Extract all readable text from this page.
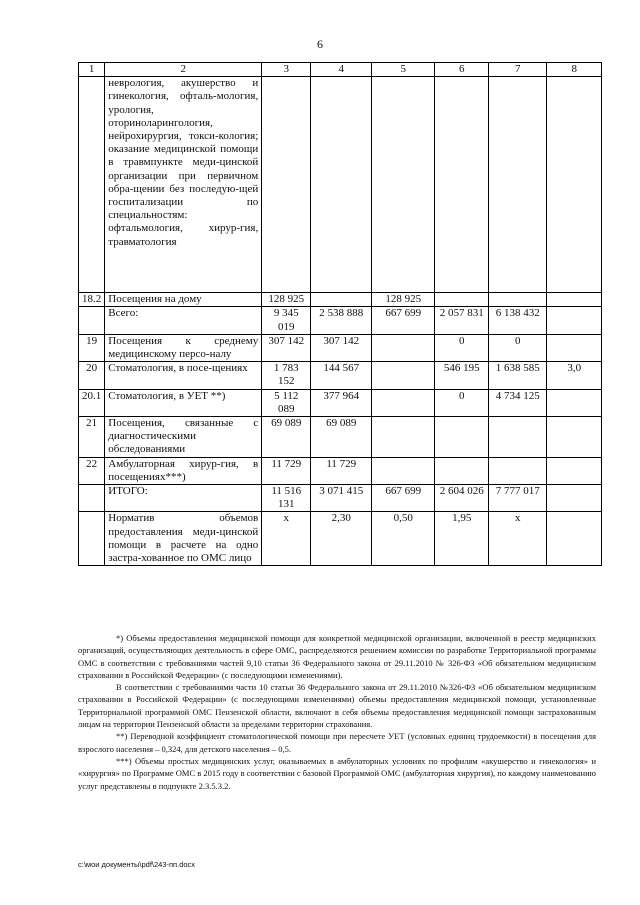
6
1	2	3	4	5	6	7	8
	неврология, акушерство и гинекология, офталь-мология, урология, оториноларингология, нейрохирургия, токси-кология; оказание медицинской помощи в травмпункте меди-цинской организации при первичном обра-щении без последую-щей госпитализации по специальностям: офтальмология, хирур-гия, травматология						
18.2	Посещения на дому	128 925		128 925			
	Всего:	9 345 019	2 538 888	667 699	2 057 831	6 138 432	
19	Посещения к среднему медицинскому персо-налу	307 142	307 142		0	0	
20	Стоматология, в посе-щениях	1 783 152	144 567		546 195	1 638 585	3,0
20.1	Стоматология, в УЕТ **)	5 112 089	377 964		0	4 734 125	
21	Посещения, связанные с диагностическими обследованиями	69 089	69 089				
22	Амбулаторная хирур-гия, в посещениях***)	11 729	11 729				
	ИТОГО:	11 516 131	3 071 415	667 699	2 604 026	7 777 017	
	Норматив объемов предоставления меди-цинской помощи в расчете на одно застра-хованное по ОМС лицо	x	2,30	0,50	1,95	x	

*) Объемы предоставления медицинской помощи для конкретной медицинской организации, включенной в реестр медицинских организаций, осуществляющих деятельность в сфере ОМС, распределяются решением комиссии по разработке Территориальной программы ОМС в соответствии с требованиями частей 9,10 статьи 36 Федерального закона от 29.11.2010 № 326-ФЗ «Об обязательном медицинском страховании в Российской Федерации» (с последующими изменениями).

В соответствии с требованиями части 10 статьи 36 Федерального закона от 29.11.2010 №326-ФЗ «Об обязательном медицинском страховании в Российской Федерации» (с последующими изменениями) объемы предоставления медицинской помощи, установленные Территориальной программой ОМС Пензенской области, включают в себя объемы предоставления медицинской помощи застрахованным лицам на территории Пензенской области за пределами территории страхования.

**) Переводной коэффициент стоматологической помощи при пересчете УЕТ (условных единиц трудоемкости) в посещения для взрослого населения – 0,324, для детского населения – 0,5.

***) Объемы простых медицинских услуг, оказываемых в амбулаторных условиях по профилям «акушерство и гинекология» и «хирургия» по Программе ОМС в 2015 году в соответствии с базовой Программой ОМС (амбулаторная хирургия), по каждому наименованию услуг представлены в подпункте 2.3.5.3.2.

c:\мои документы\pdf\243-пп.docx
